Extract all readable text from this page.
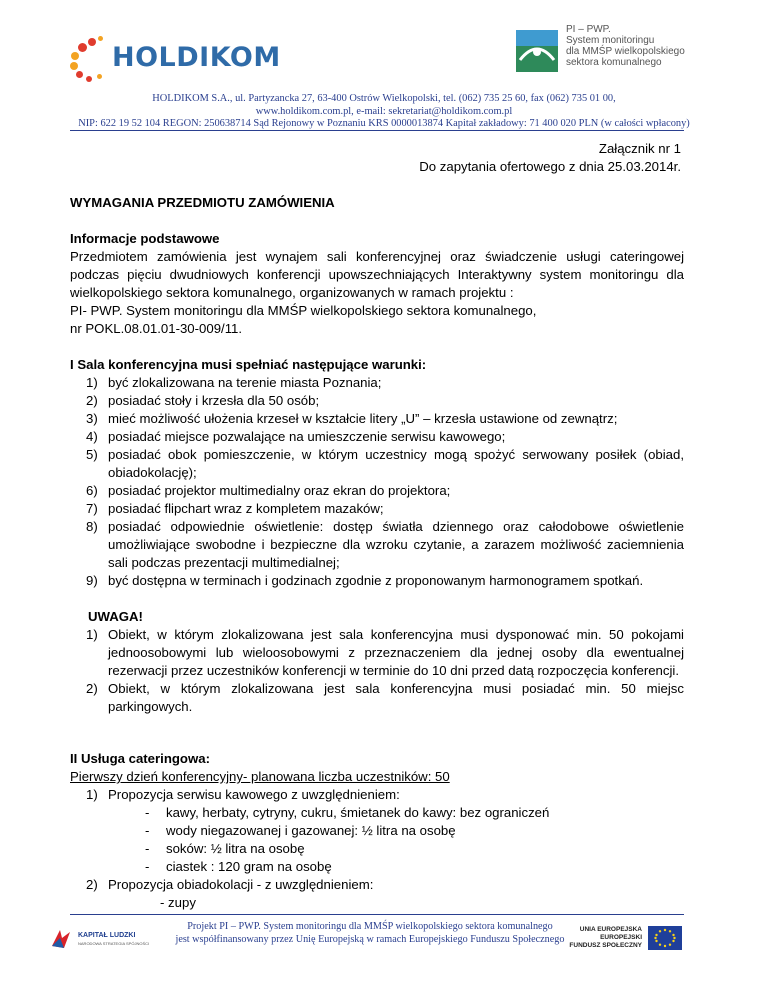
HOLDIKOM
PI – PWP.
System monitoringu
dla MMŚP wielkopolskiego
sektora komunalnego
HOLDIKOM S.A., ul. Partyzancka 27, 63-400 Ostrów Wielkopolski, tel. (062) 735 25 60, fax (062) 735 01 00,
www.holdikom.com.pl, e-mail: sekretariat@holdikom.com.pl
NIP: 622 19 52 104 REGON: 250638714 Sąd Rejonowy w Poznaniu KRS 0000013874 Kapitał zakładowy: 71 400 020 PLN (w całości wpłacony)
Załącznik nr 1
Do zapytania ofertowego z dnia 25.03.2014r.
WYMAGANIA PRZEDMIOTU ZAMÓWIENIA
Informacje podstawowe
Przedmiotem zamówienia jest wynajem sali konferencyjnej oraz świadczenie usługi cateringowej podczas pięciu dwudniowych konferencji upowszechniających Interaktywny system monitoringu dla wielkopolskiego sektora komunalnego, organizowanych w ramach projektu :
PI- PWP. System monitoringu dla MMŚP wielkopolskiego sektora komunalnego,
nr POKL.08.01.01-30-009/11.
I Sala konferencyjna musi spełniać następujące warunki:
1) być zlokalizowana na terenie miasta Poznania;
2) posiadać stoły i krzesła dla 50 osób;
3) mieć możliwość ułożenia krzeseł w kształcie litery „U” – krzesła ustawione od zewnątrz;
4) posiadać miejsce pozwalające na umieszczenie serwisu kawowego;
5) posiadać obok pomieszczenie, w którym uczestnicy mogą spożyć serwowany posiłek (obiad, obiadokolację);
6) posiadać projektor multimedialny oraz ekran do projektora;
7) posiadać flipchart wraz z kompletem mazaków;
8) posiadać odpowiednie oświetlenie: dostęp światła dziennego oraz całodobowe oświetlenie umożliwiające swobodne i bezpieczne dla wzroku czytanie, a zarazem możliwość zaciemnienia sali podczas prezentacji multimedialnej;
9) być dostępna w terminach i godzinach zgodnie z proponowanym harmonogramem spotkań.
UWAGA!
1) Obiekt, w którym zlokalizowana jest sala konferencyjna musi dysponować min. 50 pokojami jednoosobowymi lub wieloosobowymi z przeznaczeniem dla jednej osoby dla ewentualnej rezerwacji przez uczestników konferencji w terminie do 10 dni przed datą rozpoczęcia konferencji.
2) Obiekt, w którym zlokalizowana jest sala konferencyjna musi posiadać min. 50 miejsc parkingowych.
II Usługa cateringowa:
Pierwszy dzień konferencyjny- planowana liczba uczestników: 50
1) Propozycja serwisu kawowego z uwzględnieniem:
- kawy, herbaty, cytryny, cukru, śmietanek do kawy: bez ograniczeń
- wody niegazowanej i gazowanej: ½ litra na osobę
- soków: ½ litra na osobę
- ciastek : 120 gram na osobę
2) Propozycja obiadokolacji - z uwzględnieniem:
- zupy
KAPITAŁ LUDZKI
NARODOWA STRATEGIA SPÓJNOŚCI
Projekt PI – PWP. System monitoringu dla MMŚP wielkopolskiego sektora komunalnego
jest współfinansowany przez Unię Europejską w ramach Europejskiego Funduszu Społecznego
UNIA EUROPEJSKA
EUROPEJSKI
FUNDUSZ SPOŁECZNY
